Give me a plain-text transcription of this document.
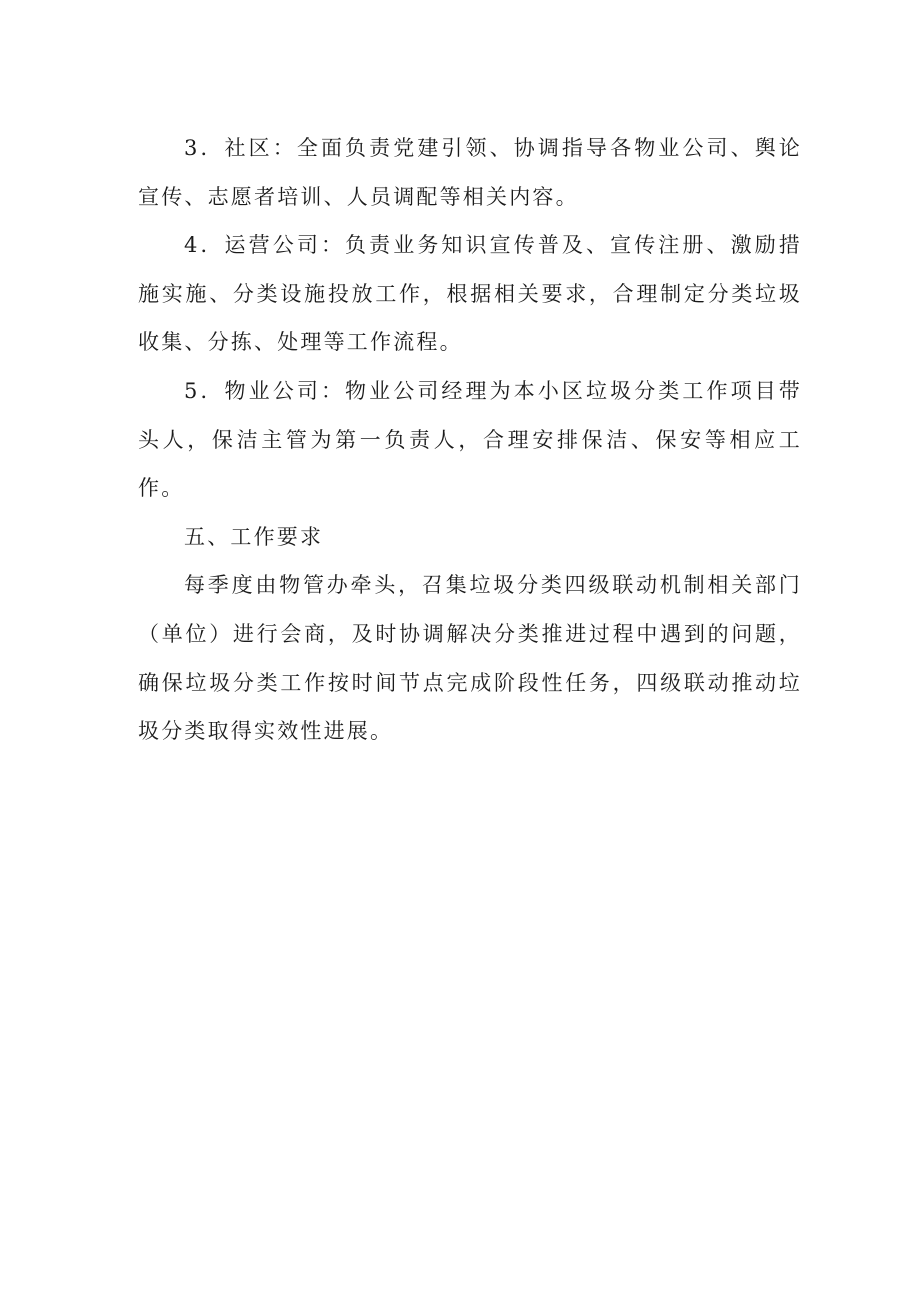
3．社区：全面负责党建引领、协调指导各物业公司、舆论宣传、志愿者培训、人员调配等相关内容。

4．运营公司：负责业务知识宣传普及、宣传注册、激励措施实施、分类设施投放工作，根据相关要求，合理制定分类垃圾收集、分拣、处理等工作流程。

5．物业公司：物业公司经理为本小区垃圾分类工作项目带头人，保洁主管为第一负责人，合理安排保洁、保安等相应工作。

五、工作要求

每季度由物管办牵头，召集垃圾分类四级联动机制相关部门（单位）进行会商，及时协调解决分类推进过程中遇到的问题，确保垃圾分类工作按时间节点完成阶段性任务，四级联动推动垃圾分类取得实效性进展。
